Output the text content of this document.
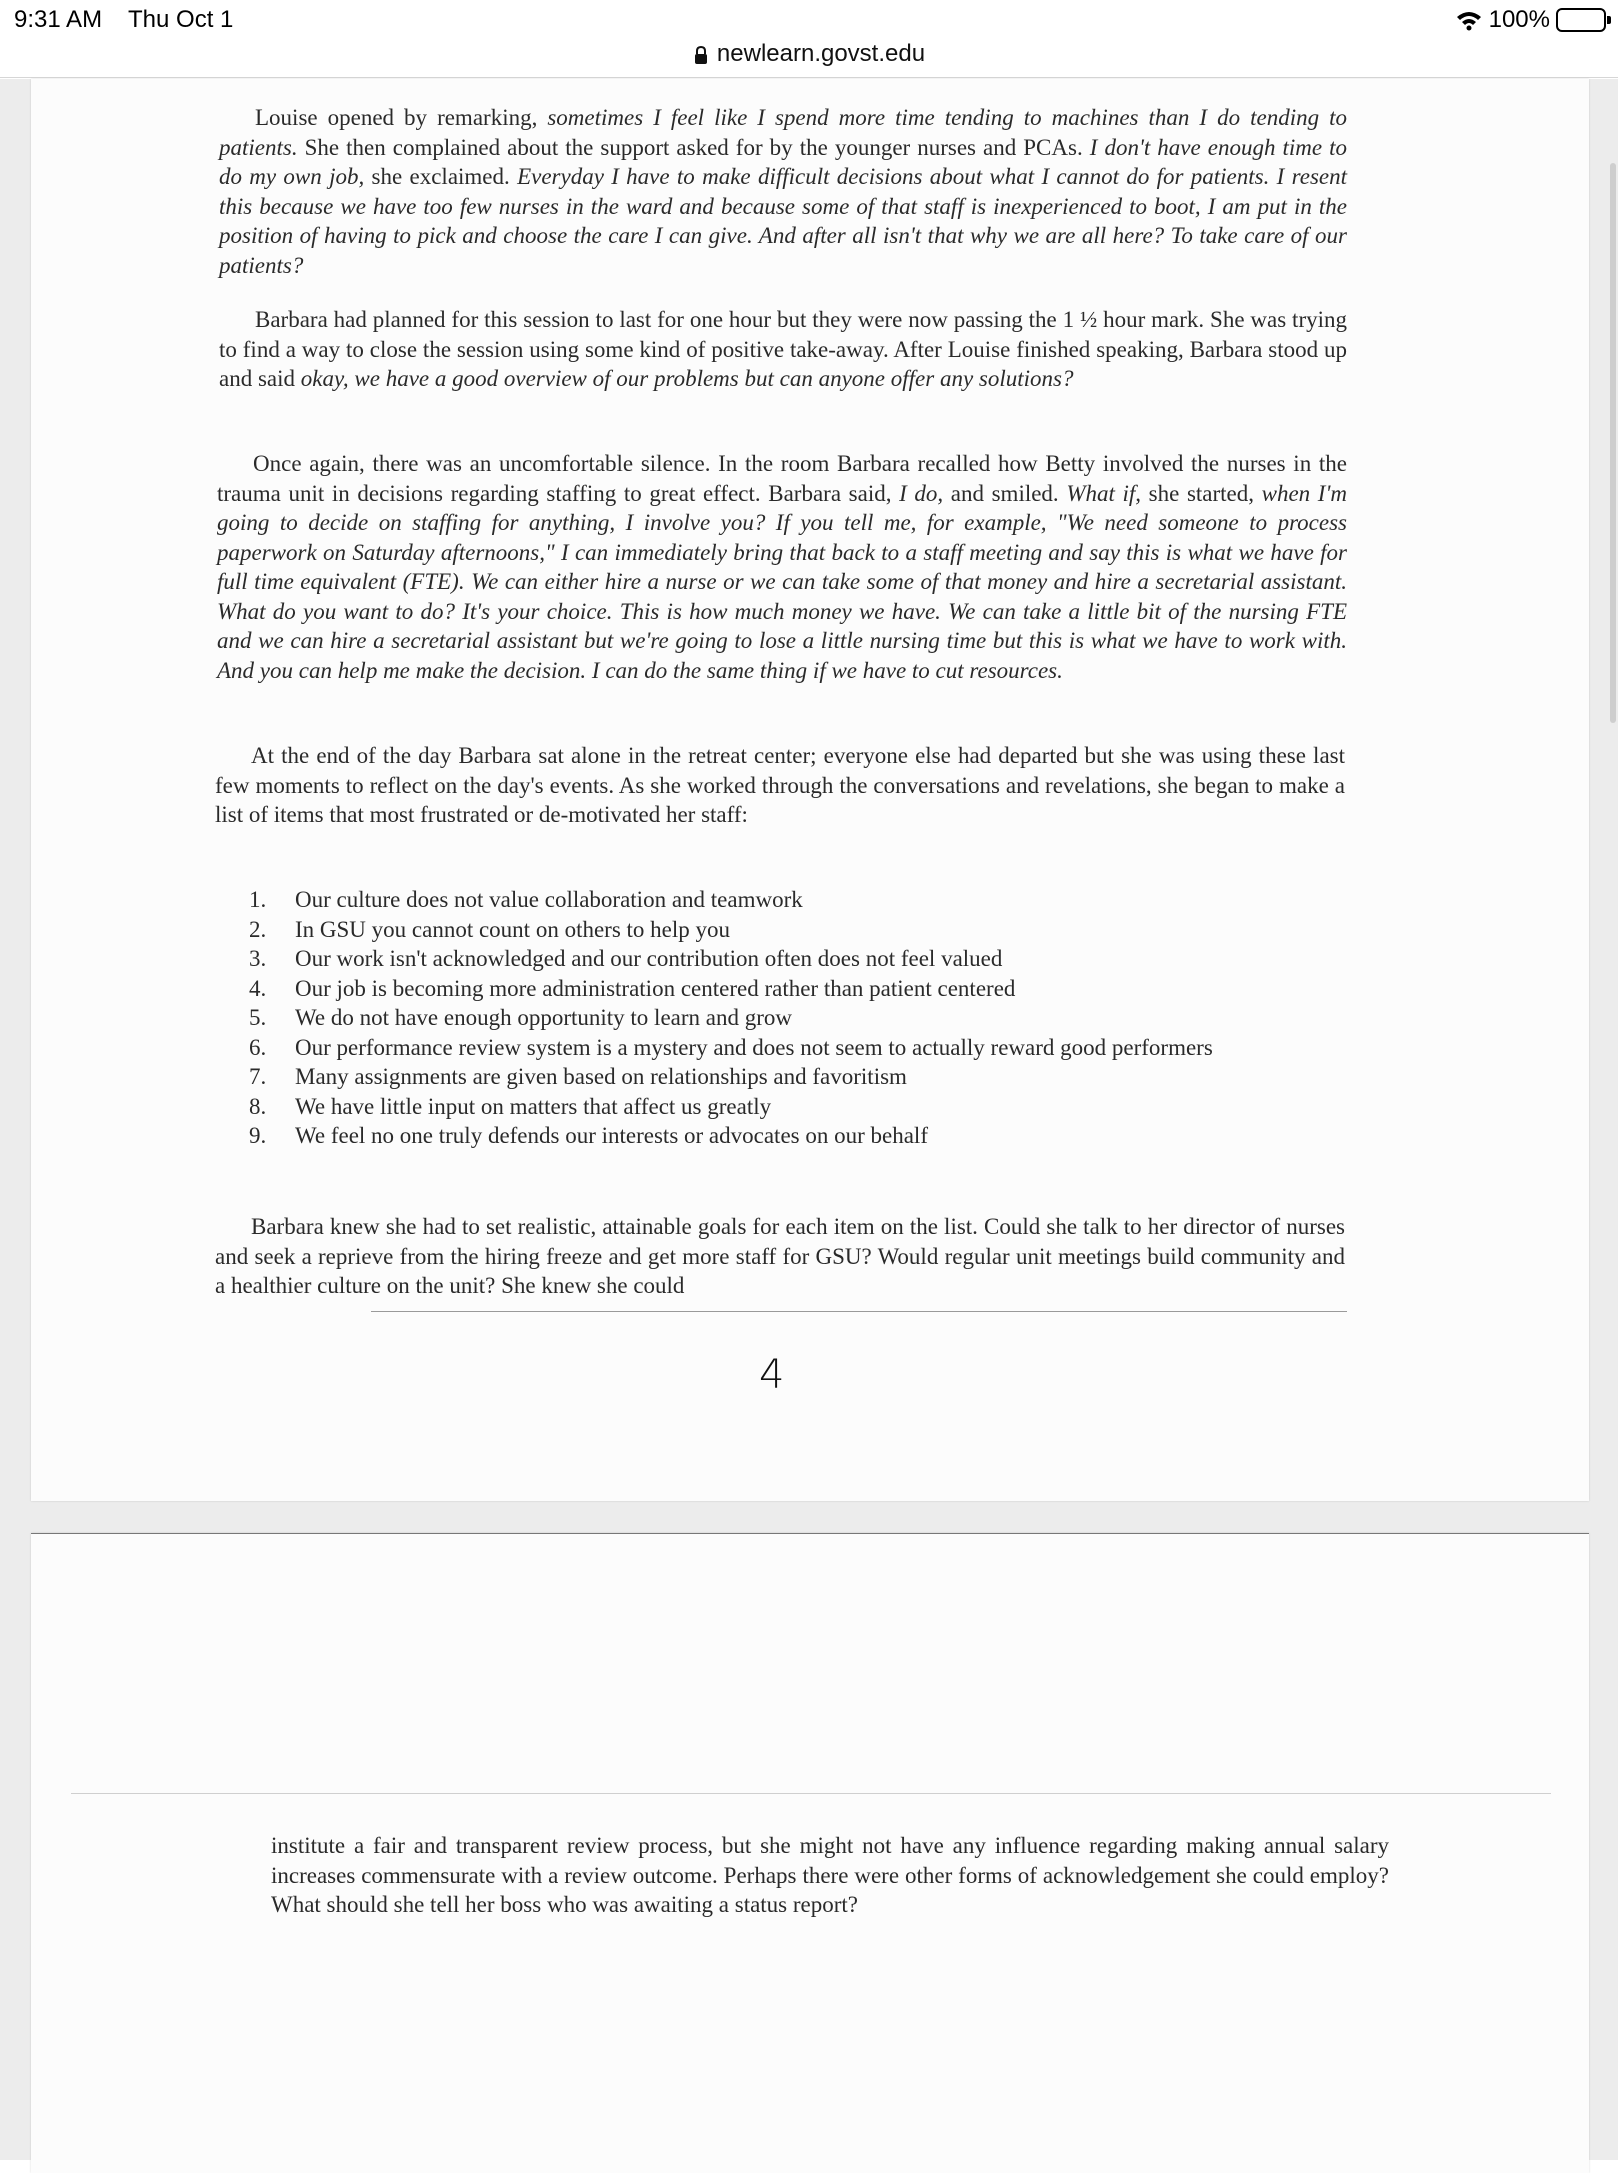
9:31 AM Thu Oct 1	100%
newlearn.govst.edu

Louise opened by remarking, sometimes I feel like I spend more time tending to machines than I do tending to patients. She then complained about the support asked for by the younger nurses and PCAs. I don't have enough time to do my own job, she exclaimed. Everyday I have to make difficult decisions about what I cannot do for patients. I resent this because we have too few nurses in the ward and because some of that staff is inexperienced to boot, I am put in the position of having to pick and choose the care I can give. And after all isn't that why we are all here? To take care of our patients?

Barbara had planned for this session to last for one hour but they were now passing the 1 ½ hour mark. She was trying to find a way to close the session using some kind of positive take-away. After Louise finished speaking, Barbara stood up and said okay, we have a good overview of our problems but can anyone offer any solutions?

Once again, there was an uncomfortable silence. In the room Barbara recalled how Betty involved the nurses in the trauma unit in decisions regarding staffing to great effect. Barbara said, I do, and smiled. What if, she started, when I'm going to decide on staffing for anything, I involve you? If you tell me, for example, "We need someone to process paperwork on Saturday afternoons," I can immediately bring that back to a staff meeting and say this is what we have for full time equivalent (FTE). We can either hire a nurse or we can take some of that money and hire a secretarial assistant. What do you want to do? It's your choice. This is how much money we have. We can take a little bit of the nursing FTE and we can hire a secretarial assistant but we're going to lose a little nursing time but this is what we have to work with. And you can help me make the decision. I can do the same thing if we have to cut resources.

At the end of the day Barbara sat alone in the retreat center; everyone else had departed but she was using these last few moments to reflect on the day's events. As she worked through the conversations and revelations, she began to make a list of items that most frustrated or de-motivated her staff:

1.	Our culture does not value collaboration and teamwork
2.	In GSU you cannot count on others to help you
3.	Our work isn't acknowledged and our contribution often does not feel valued
4.	Our job is becoming more administration centered rather than patient centered
5.	We do not have enough opportunity to learn and grow
6.	Our performance review system is a mystery and does not seem to actually reward good performers
7.	Many assignments are given based on relationships and favoritism
8.	We have little input on matters that affect us greatly
9.	We feel no one truly defends our interests or advocates on our behalf

Barbara knew she had to set realistic, attainable goals for each item on the list. Could she talk to her director of nurses and seek a reprieve from the hiring freeze and get more staff for GSU? Would regular unit meetings build community and a healthier culture on the unit? She knew she could

4

institute a fair and transparent review process, but she might not have any influence regarding making annual salary increases commensurate with a review outcome. Perhaps there were other forms of acknowledgement she could employ? What should she tell her boss who was awaiting a status report?
